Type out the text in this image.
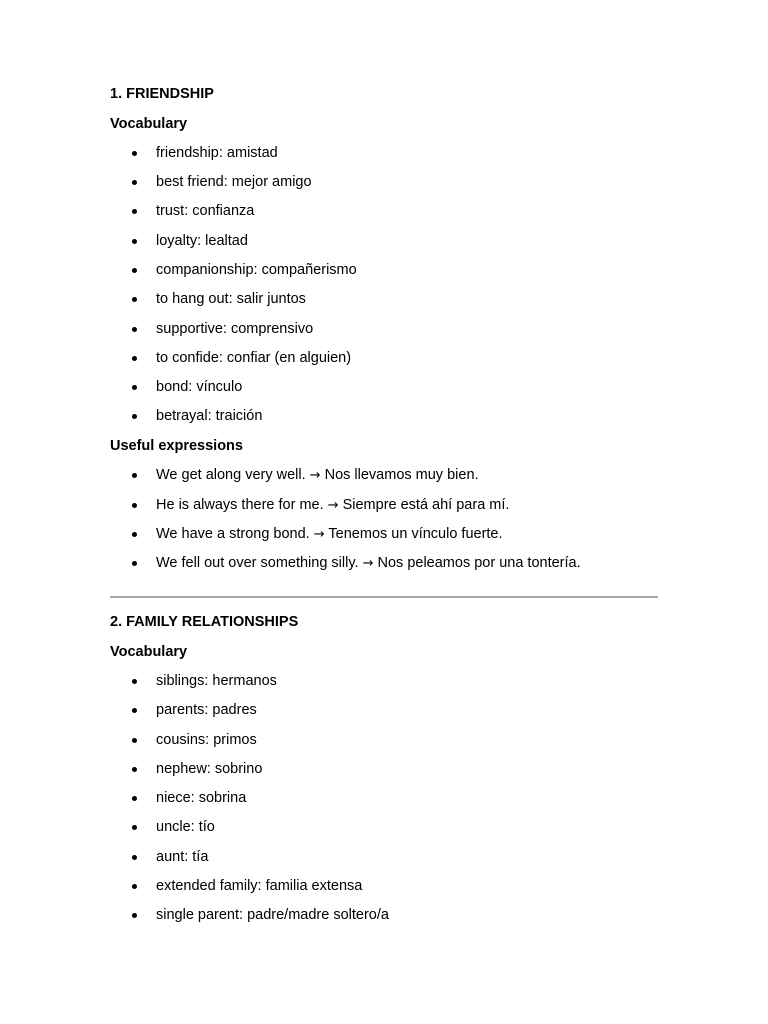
1. FRIENDSHIP
Vocabulary
friendship: amistad
best friend: mejor amigo
trust: confianza
loyalty: lealtad
companionship: compañerismo
to hang out: salir juntos
supportive: comprensivo
to confide: confiar (en alguien)
bond: vínculo
betrayal: traición
Useful expressions
We get along very well. → Nos llevamos muy bien.
He is always there for me. → Siempre está ahí para mí.
We have a strong bond. → Tenemos un vínculo fuerte.
We fell out over something silly. → Nos peleamos por una tontería.
2. FAMILY RELATIONSHIPS
Vocabulary
siblings: hermanos
parents: padres
cousins: primos
nephew: sobrino
niece: sobrina
uncle: tío
aunt: tía
extended family: familia extensa
single parent: padre/madre soltero/a
